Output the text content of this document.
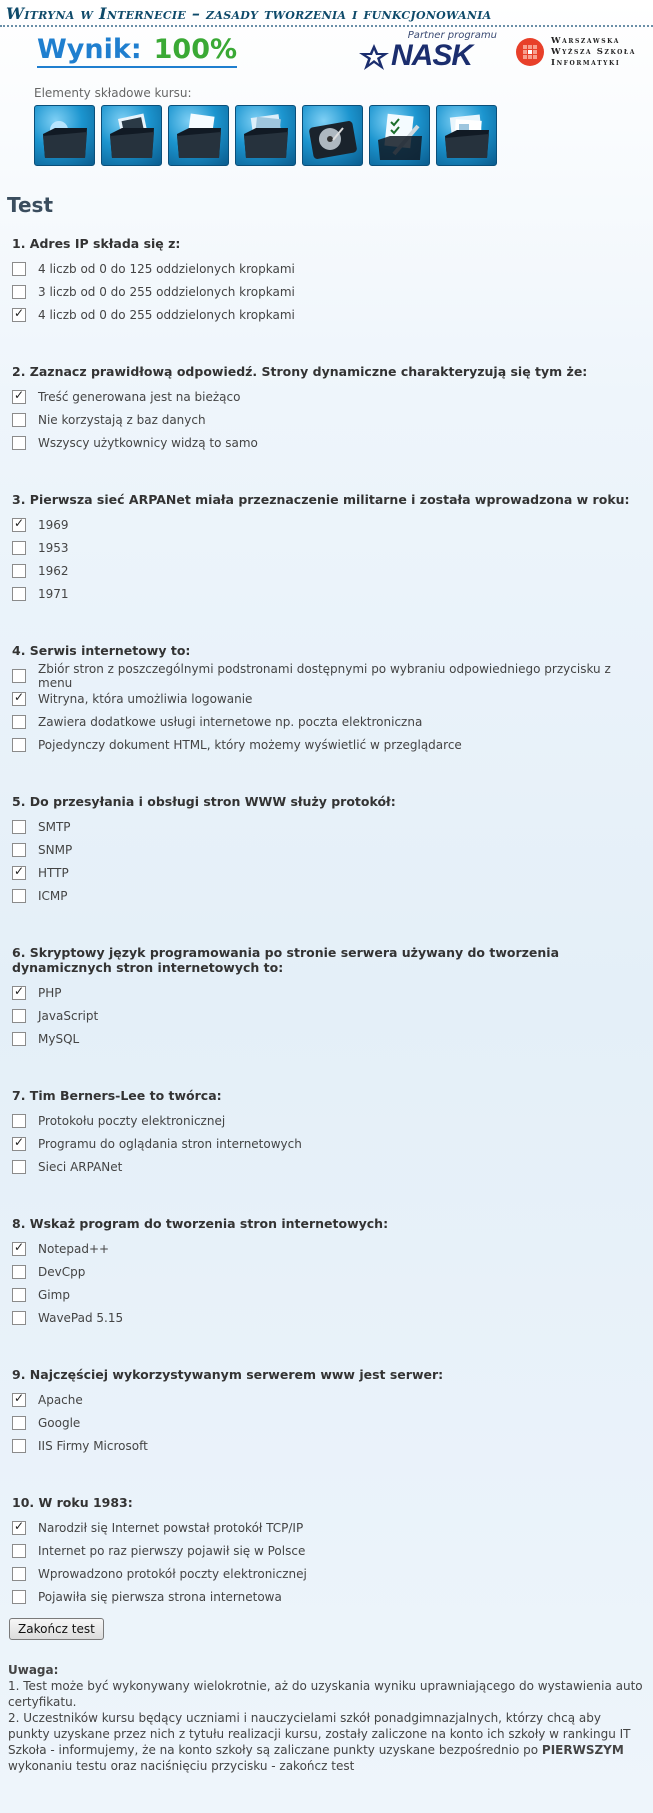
Witryna w Internecie – zasady tworzenia i funkcjonowania
Wynik: 100%	Partner programu
NASK	Warszawska
Wyższa Szkoła
Informatyki
Elementy składowe kursu:
Test
1. Adres IP składa się z:
4 liczb od 0 do 125 oddzielonych kropkami
3 liczb od 0 do 255 oddzielonych kropkami
✓
4 liczb od 0 do 255 oddzielonych kropkami
2. Zaznacz prawidłową odpowiedź. Strony dynamiczne charakteryzują się tym że:
✓
Treść generowana jest na bieżąco
Nie korzystają z baz danych
Wszyscy użytkownicy widzą to samo
3. Pierwsza sieć ARPANet miała przeznaczenie militarne i została wprowadzona w roku:
✓
1969
1953
1962
1971
4. Serwis internetowy to:
Zbiór stron z poszczególnymi podstronami dostępnymi po wybraniu odpowiedniego przycisku z menu
✓
Witryna, która umożliwia logowanie
Zawiera dodatkowe usługi internetowe np. poczta elektroniczna
Pojedynczy dokument HTML, który możemy wyświetlić w przeglądarce
5. Do przesyłania i obsługi stron WWW służy protokół:
SMTP
SNMP
✓
HTTP
ICMP
6. Skryptowy język programowania po stronie serwera używany do tworzenia dynamicznych stron internetowych to:
✓
PHP
JavaScript
MySQL
7. Tim Berners-Lee to twórca:
Protokołu poczty elektronicznej
✓
Programu do oglądania stron internetowych
Sieci ARPANet
8. Wskaż program do tworzenia stron internetowych:
✓
Notepad++
DevCpp
Gimp
WavePad 5.15
9. Najczęściej wykorzystywanym serwerem www jest serwer:
✓
Apache
Google
IIS Firmy Microsoft
10. W roku 1983:
✓
Narodził się Internet powstał protokół TCP/IP
Internet po raz pierwszy pojawił się w Polsce
Wprowadzono protokół poczty elektronicznej
Pojawiła się pierwsza strona internetowa
Zakończ test
Uwaga:
1. Test może być wykonywany wielokrotnie, aż do uzyskania wyniku uprawniającego do wystawienia auto certyfikatu.
2. Uczestników kursu będący uczniami i nauczycielami szkół ponadgimnazjalnych, którzy chcą aby punkty uzyskane przez nich z tytułu realizacji kursu, zostały zaliczone na konto ich szkoły w rankingu IT Szkoła - informujemy, że na konto szkoły są zaliczane punkty uzyskane bezpośrednio po PIERWSZYM wykonaniu testu oraz naciśnięciu przycisku - zakończ test
